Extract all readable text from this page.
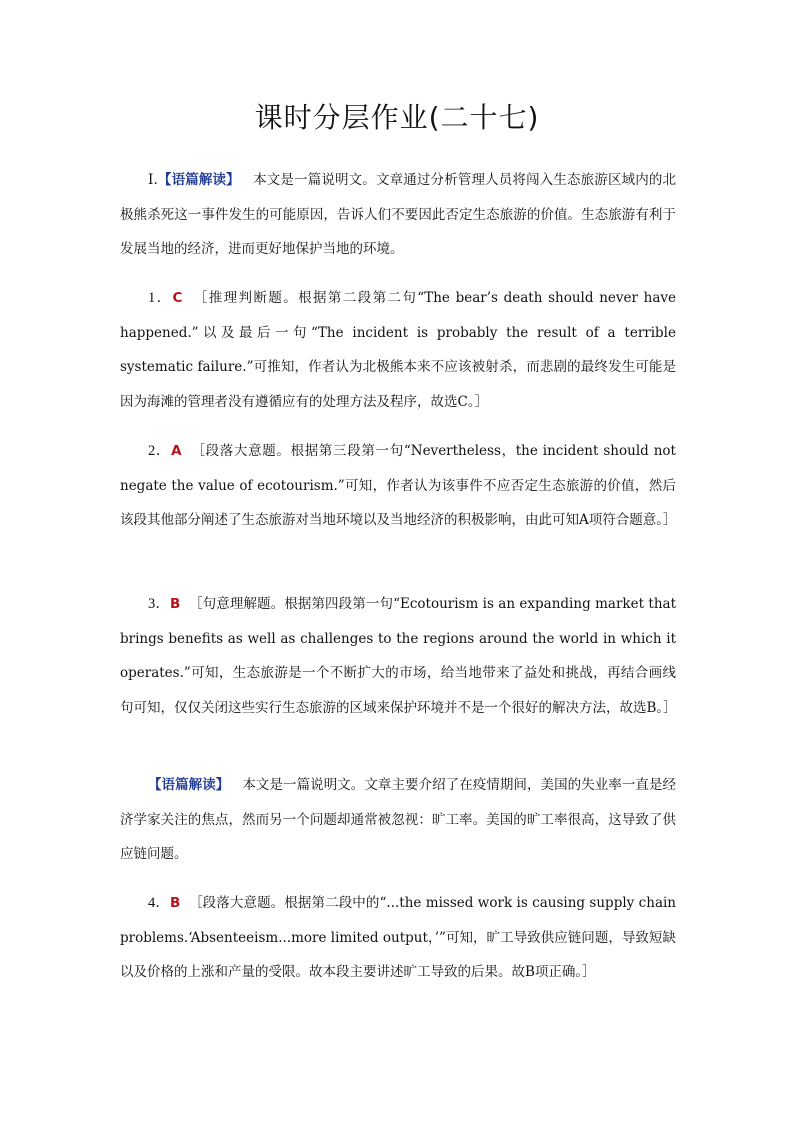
课时分层作业(二十七)

Ⅰ.【语篇解读】 本文是一篇说明文。文章通过分析管理人员将闯入生态旅游区域内的北极熊杀死这一事件发生的可能原因，告诉人们不要因此否定生态旅游的价值。生态旅游有利于发展当地的经济，进而更好地保护当地的环境。

1．C ［推理判断题。根据第二段第二句“The bear’s death should never have happened.”以及最后一句“The incident is probably the result of a terrible systematic failure.”可推知，作者认为北极熊本来不应该被射杀，而悲剧的最终发生可能是因为海滩的管理者没有遵循应有的处理方法及程序，故选C。］

2．A ［段落大意题。根据第三段第一句“Nevertheless，the incident should not negate the value of ecotourism.”可知，作者认为该事件不应否定生态旅游的价值，然后该段其他部分阐述了生态旅游对当地环境以及当地经济的积极影响，由此可知A项符合题意。］

3．B ［句意理解题。根据第四段第一句“Ecotourism is an expanding market that brings benefits as well as challenges to the regions around the world in which it operates.”可知，生态旅游是一个不断扩大的市场，给当地带来了益处和挑战，再结合画线句可知，仅仅关闭这些实行生态旅游的区域来保护环境并不是一个很好的解决方法，故选B。］

【语篇解读】 本文是一篇说明文。文章主要介绍了在疫情期间，美国的失业率一直是经济学家关注的焦点，然而另一个问题却通常被忽视：旷工率。美国的旷工率很高，这导致了供应链问题。

4．B ［段落大意题。根据第二段中的“...the missed work is causing supply chain problems.‘Absenteeism...more limited output，’”可知，旷工导致供应链问题，导致短缺以及价格的上涨和产量的受限。故本段主要讲述旷工导致的后果。故B项正确。］
